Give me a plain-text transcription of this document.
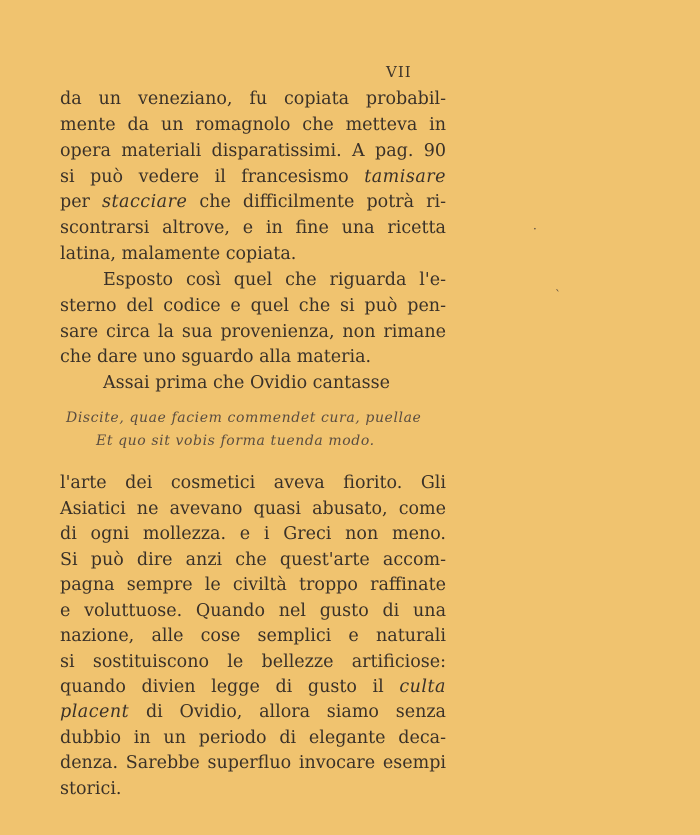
VII
da un veneziano, fu copiata probabil-
mente da un romagnolo che metteva in
opera materiali disparatissimi. A pag. 90
si può vedere il francesismo tamisare
per stacciare che difficilmente potrà ri-
scontrarsi altrove, e in fine una ricetta
latina, malamente copiata.
Esposto così quel che riguarda l'e-
sterno del codice e quel che si può pen-
sare circa la sua provenienza, non rimane
che dare uno sguardo alla materia.
Assai prima che Ovidio cantasse
Discite, quae faciem commendet cura, puellae
Et quo sit vobis forma tuenda modo.
l'arte dei cosmetici aveva fiorito. Gli
Asiatici ne avevano quasi abusato, come
di ogni mollezza. e i Greci non meno.
Si può dire anzi che quest'arte accom-
pagna sempre le civiltà troppo raffinate
e voluttuose. Quando nel gusto di una
nazione, alle cose semplici e naturali
si sostituiscono le bellezze artificiose:
quando divien legge di gusto il culta
placent di Ovidio, allora siamo senza
dubbio in un periodo di elegante deca-
denza. Sarebbe superfluo invocare esempi
storici.
·
ˋ
